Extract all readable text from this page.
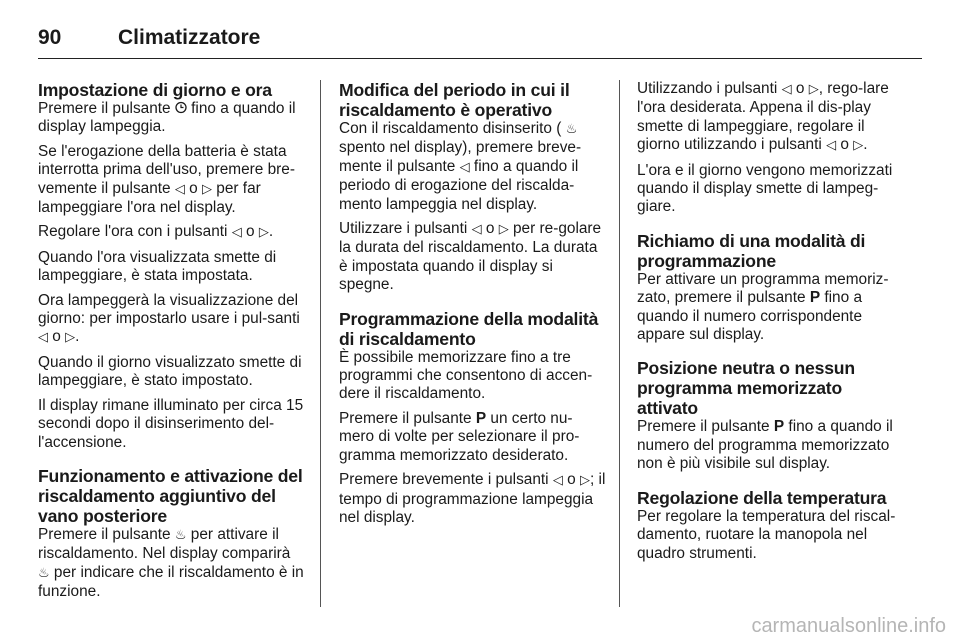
90	Climatizzatore
Impostazione di giorno e ora

Premere il pulsante  fino a quando il display lampeggia.

Se l'erogazione della batteria è stata interrotta prima dell'uso, premere bre-vemente il pulsante ◁ o ▷ per far lampeggiare l'ora nel display.

Regolare l'ora con i pulsanti ◁ o ▷.

Quando l'ora visualizzata smette di lampeggiare, è stata impostata.

Ora lampeggerà la visualizzazione del giorno: per impostarlo usare i pul-santi ◁ o ▷.

Quando il giorno visualizzato smette di lampeggiare, è stato impostato.

Il display rimane illuminato per circa 15 secondi dopo il disinserimento del-l'accensione.

Funzionamento e attivazione del riscaldamento aggiuntivo del vano posteriore

Premere il pulsante ♨ per attivare il riscaldamento. Nel display comparirà ♨ per indicare che il riscaldamento è in funzione.

Modifica del periodo in cui il riscaldamento è operativo

Con il riscaldamento disinserito ( ♨ spento nel display), premere breve-mente il pulsante ◁ fino a quando il periodo di erogazione del riscalda-mento lampeggia nel display.

Utilizzare i pulsanti ◁ o ▷ per re-golare la durata del riscaldamento. La durata è impostata quando il display si spegne.

Programmazione della modalità di riscaldamento

È possibile memorizzare fino a tre programmi che consentono di accen-dere il riscaldamento.

Premere il pulsante P un certo nu-mero di volte per selezionare il pro-gramma memorizzato desiderato.

Premere brevemente i pulsanti ◁ o ▷; il tempo di programmazione lampeggia nel display.

Utilizzando i pulsanti ◁ o ▷, rego-lare l'ora desiderata. Appena il dis-play smette di lampeggiare, regolare il giorno utilizzando i pulsanti ◁ o ▷.

L'ora e il giorno vengono memorizzati quando il display smette di lampeg-giare.

Richiamo di una modalità di programmazione

Per attivare un programma memoriz-zato, premere il pulsante P fino a quando il numero corrispondente appare sul display.

Posizione neutra o nessun programma memorizzato attivato

Premere il pulsante P fino a quando il numero del programma memorizzato non è più visibile sul display.

Regolazione della temperatura

Per regolare la temperatura del riscal-damento, ruotare la manopola nel quadro strumenti.

carmanualsonline.info
